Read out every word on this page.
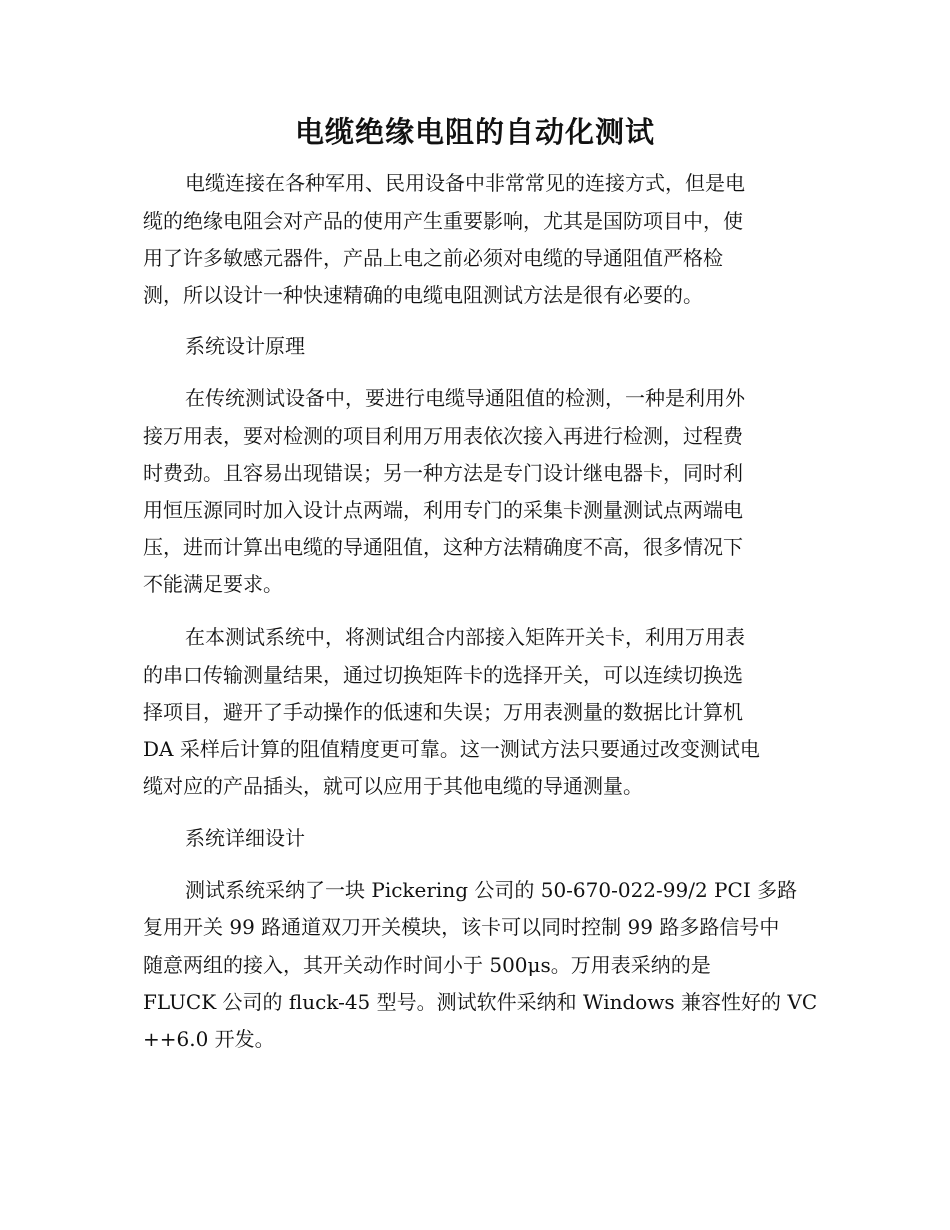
电缆绝缘电阻的自动化测试

电缆连接在各种军用、民用设备中非常常见的连接方式，但是电

缆的绝缘电阻会对产品的使用产生重要影响，尤其是国防项目中，使

用了许多敏感元器件，产品上电之前必须对电缆的导通阻值严格检

测，所以设计一种快速精确的电缆电阻测试方法是很有必要的。

系统设计原理

在传统测试设备中，要进行电缆导通阻值的检测，一种是利用外

接万用表，要对检测的项目利用万用表依次接入再进行检测，过程费

时费劲。且容易出现错误；另一种方法是专门设计继电器卡，同时利

用恒压源同时加入设计点两端，利用专门的采集卡测量测试点两端电

压，进而计算出电缆的导通阻值，这种方法精确度不高，很多情况下

不能满足要求。

在本测试系统中，将测试组合内部接入矩阵开关卡，利用万用表

的串口传输测量结果，通过切换矩阵卡的选择开关，可以连续切换选

择项目，避开了手动操作的低速和失误；万用表测量的数据比计算机

DA 采样后计算的阻值精度更可靠。这一测试方法只要通过改变测试电

缆对应的产品插头，就可以应用于其他电缆的导通测量。

系统详细设计

测试系统采纳了一块 Pickering 公司的 50-670-022-99/2 PCI 多路

复用开关 99 路通道双刀开关模块，该卡可以同时控制 99 路多路信号中

随意两组的接入，其开关动作时间小于 500μs。万用表采纳的是

FLUCK 公司的 fluck-45 型号。测试软件采纳和 Windows 兼容性好的 VC

++6.0 开发。
